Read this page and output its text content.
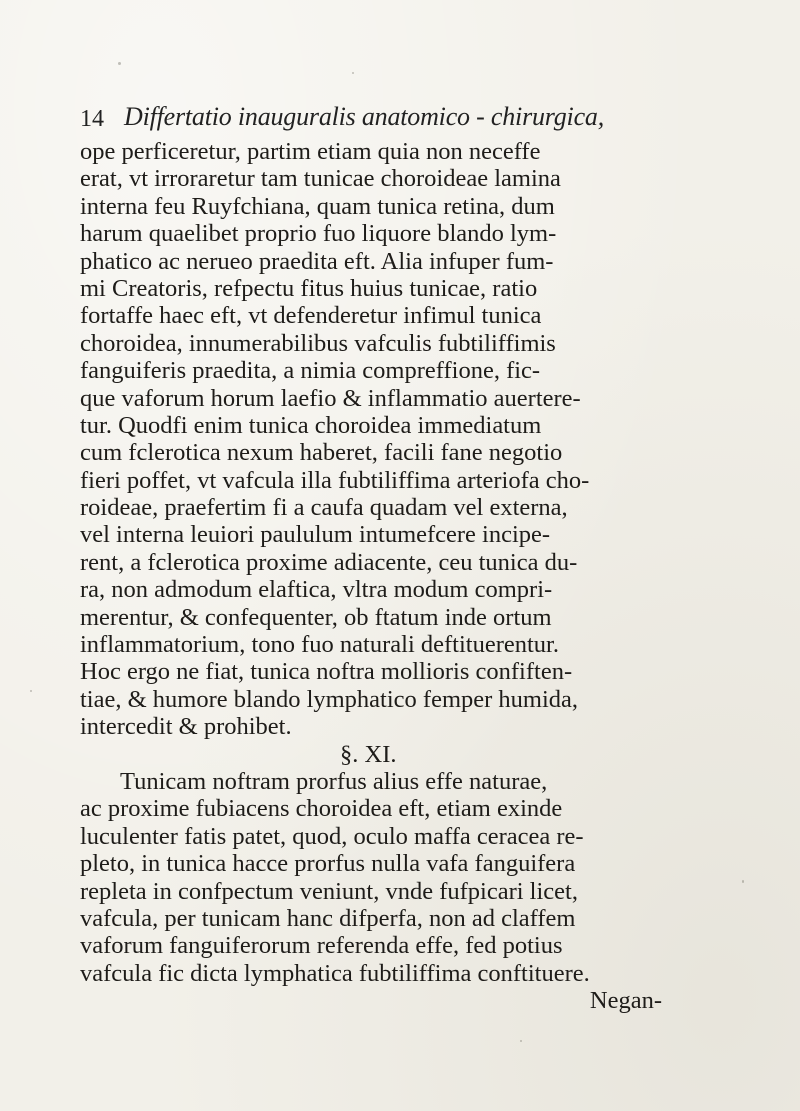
14 Differtatio inauguralis anatomico - chirurgica,
ope perficeretur, partim etiam quia non neceffe
erat, vt irroraretur tam tunicae choroideae lamina
interna feu Ruyfchiana, quam tunica retina, dum
harum quaelibet proprio fuo liquore blando lym-
phatico ac nerueo praedita eft. Alia infuper fum-
mi Creatoris, refpectu fitus huius tunicae, ratio
fortaffe haec eft, vt defenderetur infimul tunica
choroidea, innumerabilibus vafculis fubtiliffimis
fanguiferis praedita, a nimia compreffione, fic-
que vaforum horum laefio & inflammatio auertere-
tur. Quodfi enim tunica choroidea immediatum
cum fclerotica nexum haberet, facili fane negotio
fieri poffet, vt vafcula illa fubtiliffima arteriofa cho-
roideae, praefertim fi a caufa quadam vel externa,
vel interna leuiori paululum intumefcere incipe-
rent, a fclerotica proxime adiacente, ceu tunica du-
ra, non admodum elaftica, vltra modum compri-
merentur, & confequenter, ob ftatum inde ortum
inflammatorium, tono fuo naturali deftituerentur.
Hoc ergo ne fiat, tunica noftra mollioris confiften-
tiae, & humore blando lymphatico femper humida,
intercedit & prohibet.
§. XI.
Tunicam noftram prorfus alius effe naturae,
ac proxime fubiacens choroidea eft, etiam exinde
luculenter fatis patet, quod, oculo maffa ceracea re-
pleto, in tunica hacce prorfus nulla vafa fanguifera
repleta in confpectum veniunt, vnde fufpicari licet,
vafcula, per tunicam hanc difperfa, non ad claffem
vaforum fanguiferorum referenda effe, fed potius
vafcula fic dicta lymphatica fubtiliffima conftituere.
Negan-
